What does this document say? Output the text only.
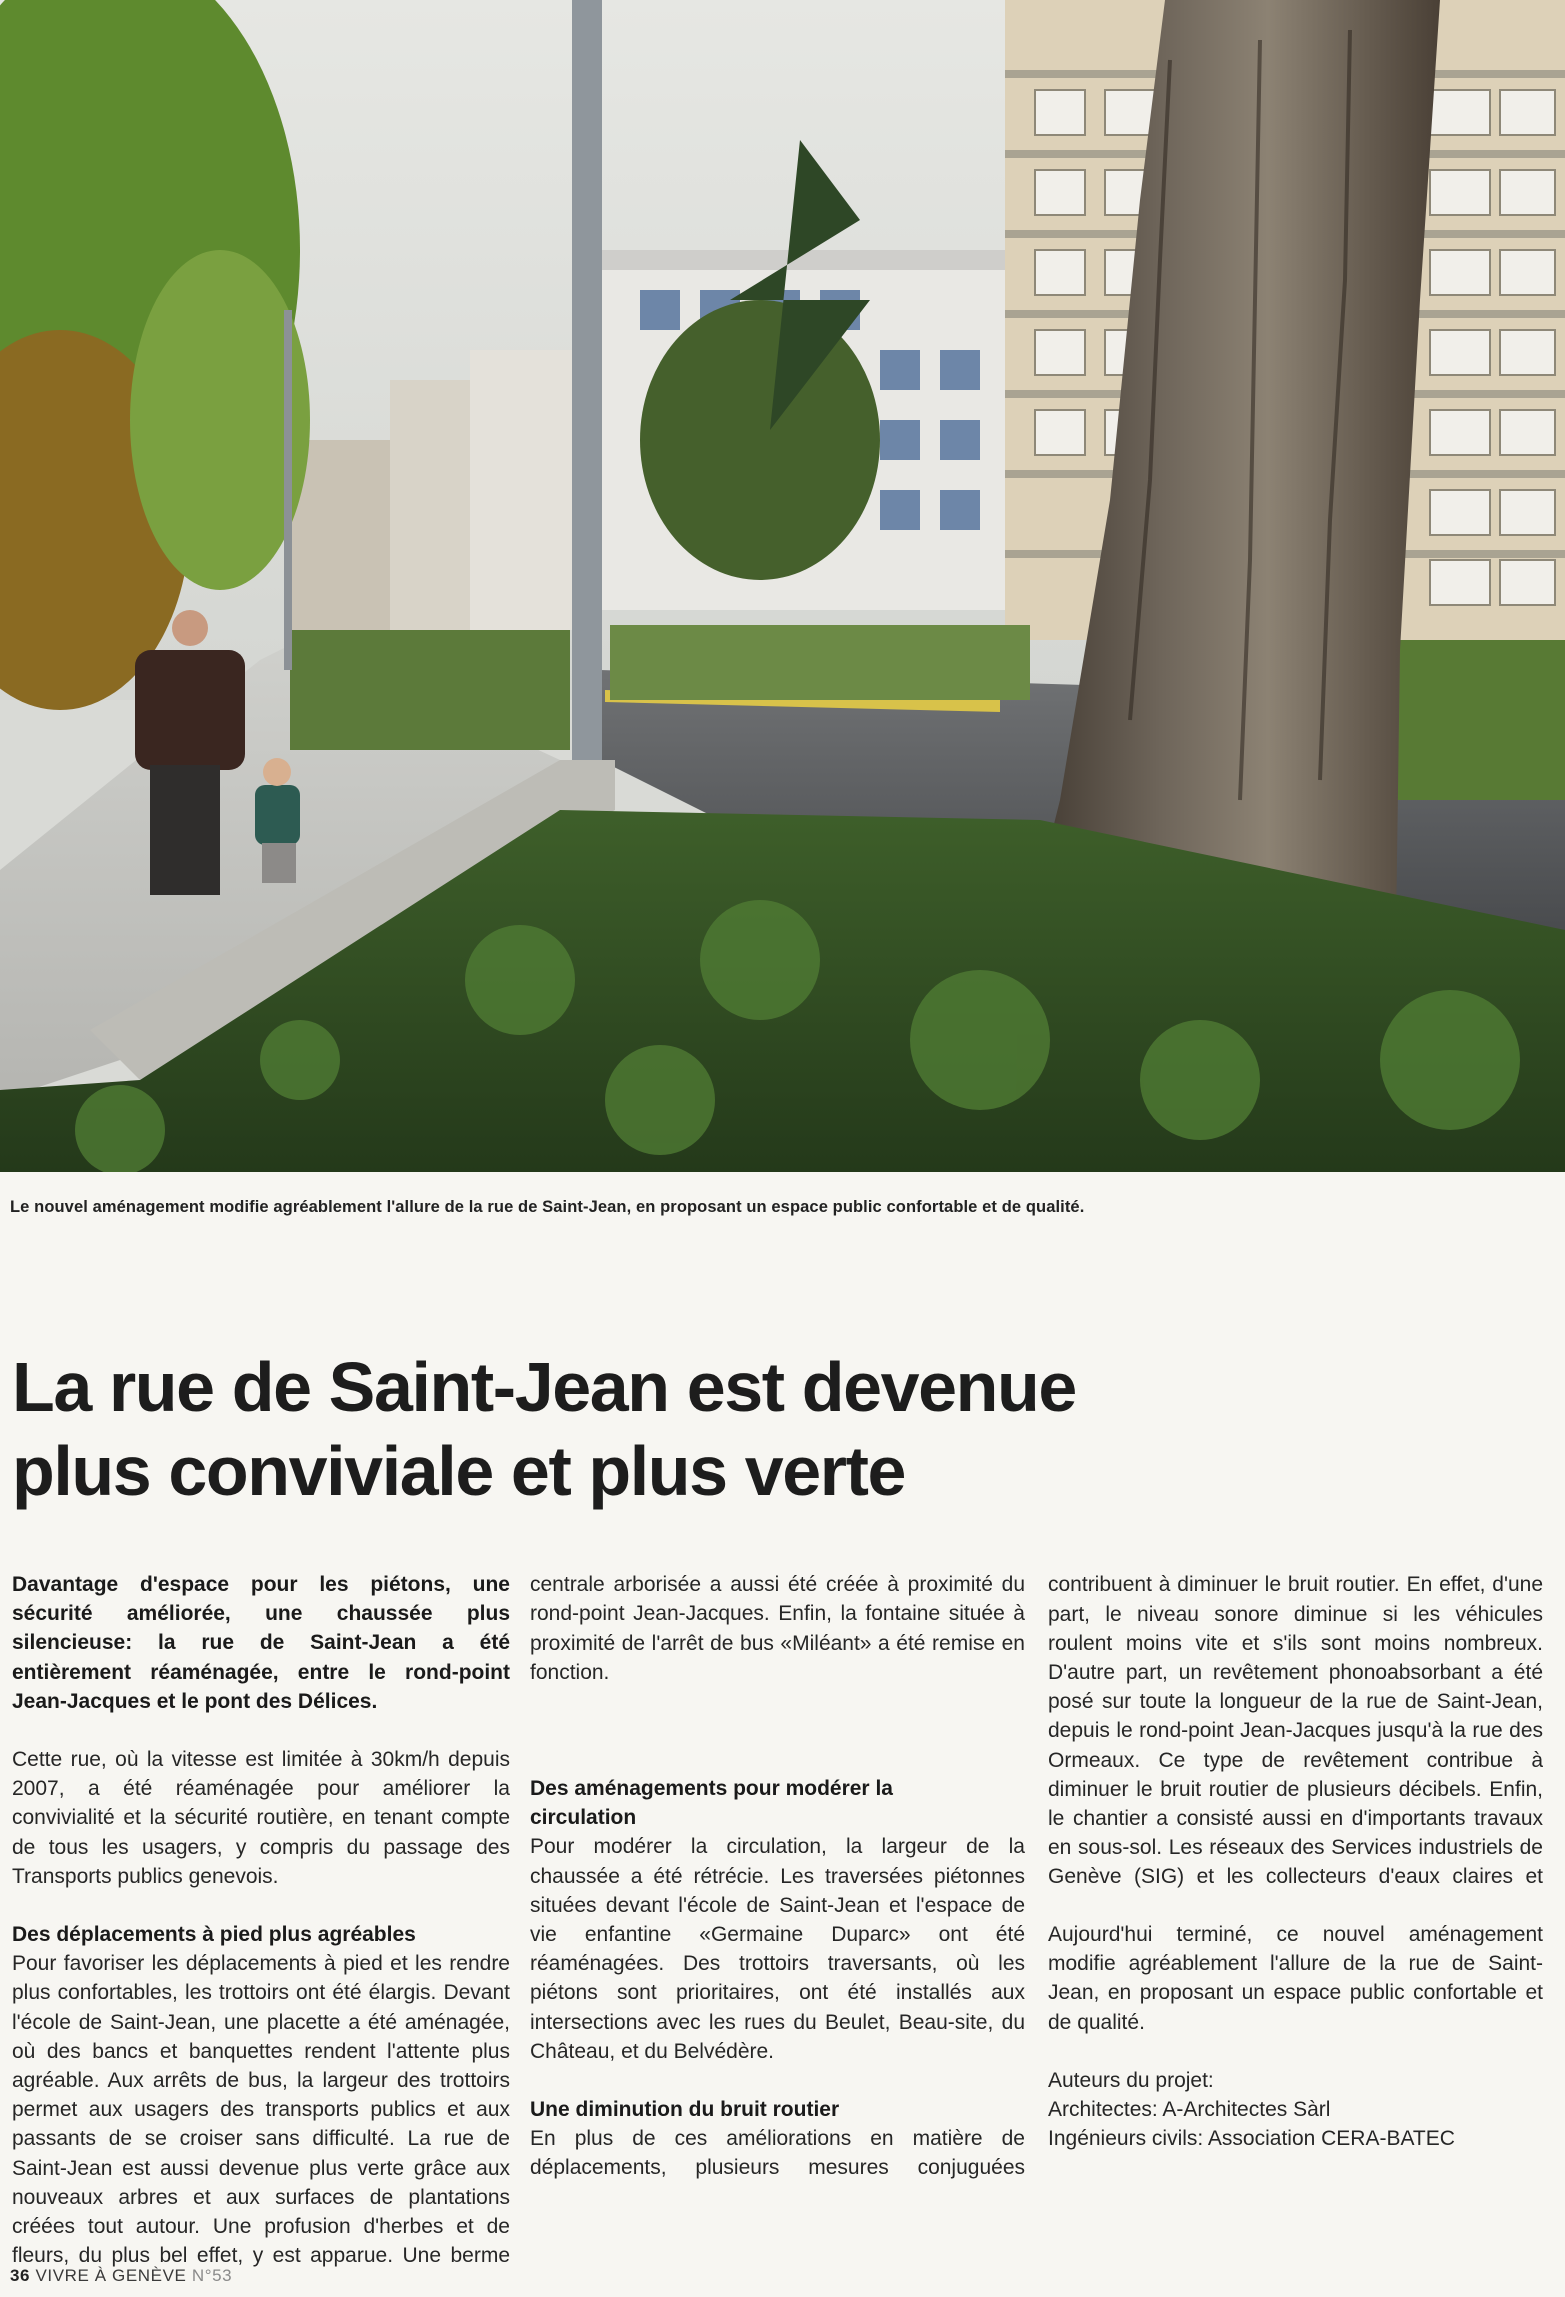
Le nouvel aménagement modifie agréablement l'allure de la rue de Saint-Jean, en proposant un espace public confortable et de qualité.
La rue de Saint-Jean est devenue
plus conviviale et plus verte

Davantage d'espace pour les piétons, une sécurité améliorée, une chaussée plus silencieuse: la rue de Saint-Jean a été entièrement réaménagée, entre le rond-point Jean-Jacques et le pont des Délices.

Cette rue, où la vitesse est limitée à 30km/h depuis 2007, a été réaménagée pour améliorer la convivialité et la sécurité routière, en tenant compte de tous les usagers, y compris du passage des Transports publics genevois.

Des déplacements à pied plus agréables

Pour favoriser les déplacements à pied et les rendre plus confortables, les trottoirs ont été élargis. Devant l'école de Saint-Jean, une placette a été aménagée, où des bancs et banquettes rendent l'attente plus agréable. Aux arrêts de bus, la largeur des trottoirs permet aux usagers des transports publics et aux passants de se croiser sans difficulté. La rue de Saint-Jean est aussi devenue plus verte grâce aux nouveaux arbres et aux surfaces de plantations créées tout autour. Une profusion d'herbes et de fleurs, du plus bel effet, y est apparue. Une berme

centrale arborisée a aussi été créée à proximité du rond-point Jean-Jacques. Enfin, la fontaine située à proximité de l'arrêt de bus «Miléant» a été remise en fonction.

Des aménagements pour modérer la circulation

Pour modérer la circulation, la largeur de la chaussée a été rétrécie. Les traversées piétonnes situées devant l'école de Saint-Jean et l'espace de vie enfantine «Germaine Duparc» ont été réaménagées. Des trottoirs traversants, où les piétons sont prioritaires, ont été installés aux intersections avec les rues du Beulet, Beau-site, du Château, et du Belvédère.

Une diminution du bruit routier

En plus de ces améliorations en matière de déplacements, plusieurs mesures conjuguées

contribuent à diminuer le bruit routier. En effet, d'une part, le niveau sonore diminue si les véhicules roulent moins vite et s'ils sont moins nombreux. D'autre part, un revêtement phonoabsorbant a été posé sur toute la longueur de la rue de Saint-Jean, depuis le rond-point Jean-Jacques jusqu'à la rue des Ormeaux. Ce type de revêtement contribue à diminuer le bruit routier de plusieurs décibels. Enfin, le chantier a consisté aussi en d'importants travaux en sous-sol. Les réseaux des Services industriels de Genève (SIG) et les collecteurs d'eaux claires et

Aujourd'hui terminé, ce nouvel aménagement modifie agréablement l'allure de la rue de Saint-Jean, en proposant un espace public confortable et de qualité.

Auteurs du projet:

Architectes: A-Architectes Sàrl

Ingénieurs civils: Association CERA-BATEC

36 VIVRE À GENÈVE N°53
